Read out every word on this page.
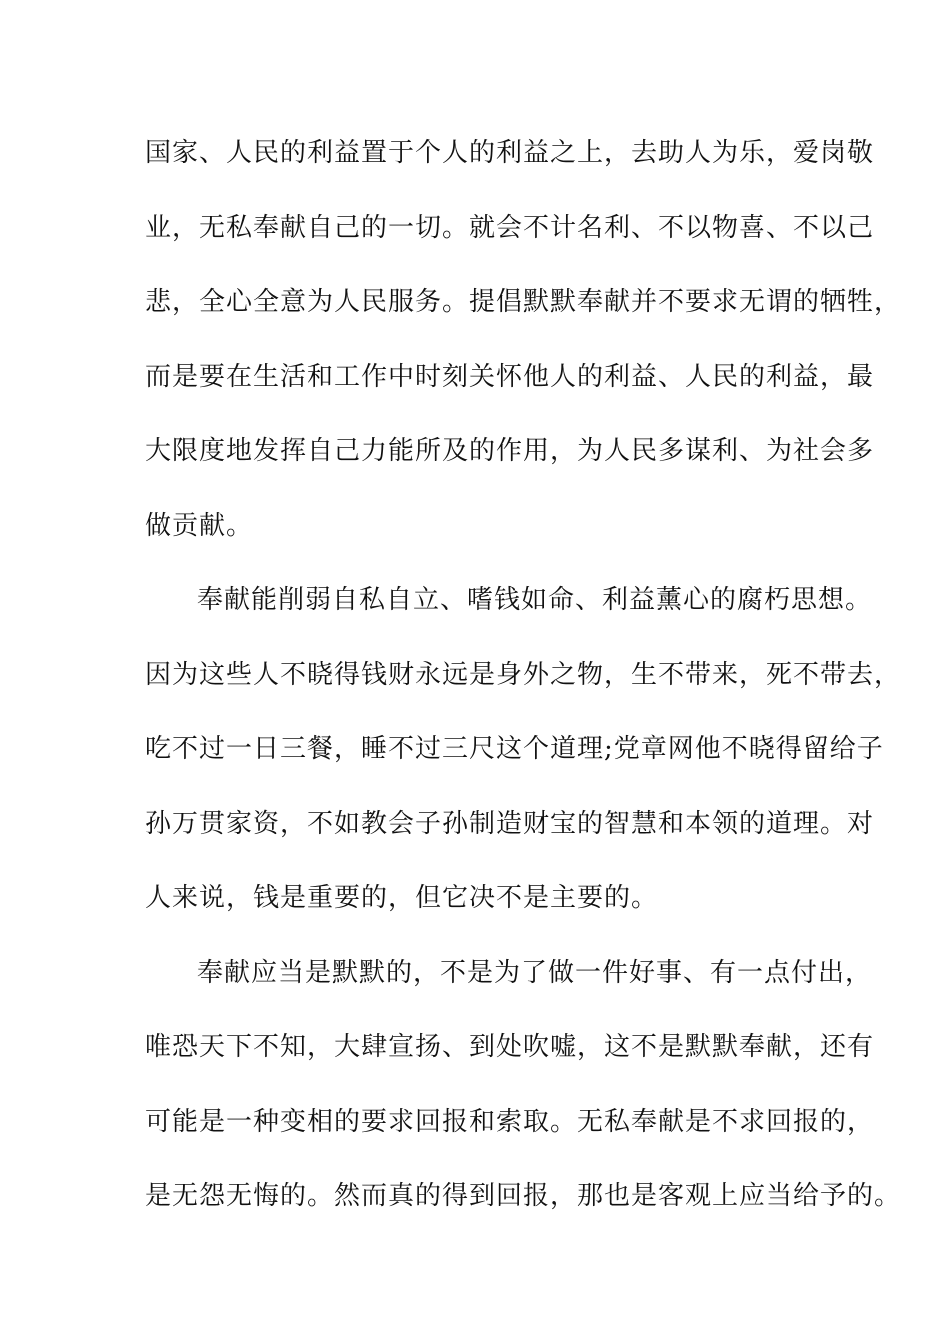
国家、人民的利益置于个人的利益之上，去助人为乐，爱岗敬
业，无私奉献自己的一切。就会不计名利、不以物喜、不以己
悲，全心全意为人民服务。提倡默默奉献并不要求无谓的牺牲，
而是要在生活和工作中时刻关怀他人的利益、人民的利益，最
大限度地发挥自己力能所及的作用，为人民多谋利、为社会多
做贡献。
奉献能削弱自私自立、嗜钱如命、利益薰心的腐朽思想。
因为这些人不晓得钱财永远是身外之物，生不带来，死不带去，
吃不过一日三餐，睡不过三尺这个道理;党章网他不晓得留给子
孙万贯家资，不如教会子孙制造财宝的智慧和本领的道理。对
人来说，钱是重要的，但它决不是主要的。
奉献应当是默默的，不是为了做一件好事、有一点付出，
唯恐天下不知，大肆宣扬、到处吹嘘，这不是默默奉献，还有
可能是一种变相的要求回报和索取。无私奉献是不求回报的，
是无怨无悔的。然而真的得到回报，那也是客观上应当给予的。
